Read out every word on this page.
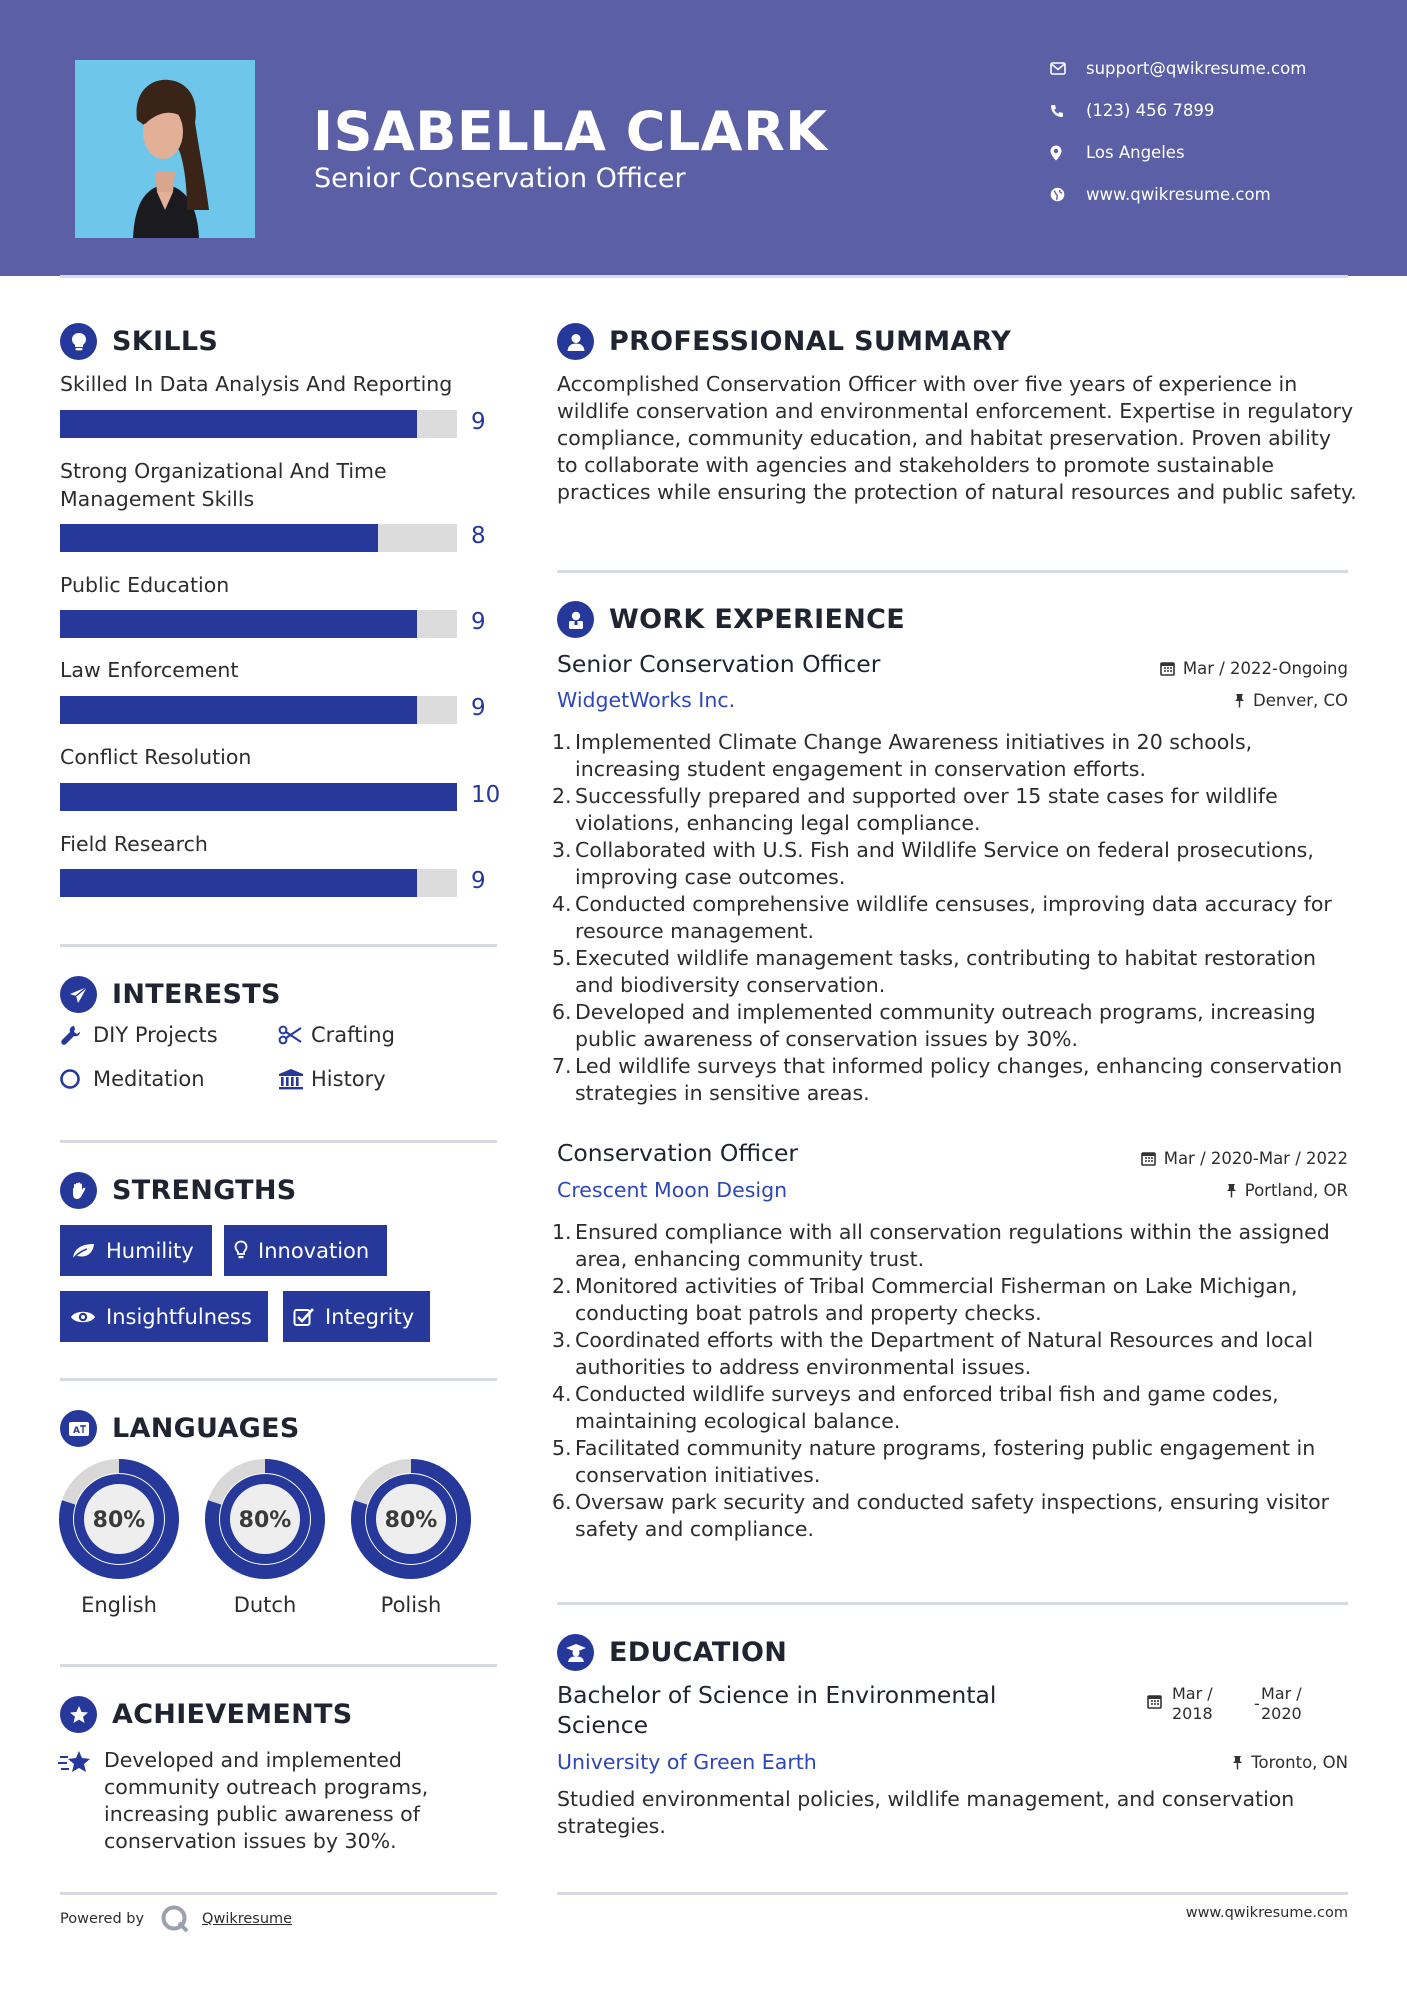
ISABELLA CLARK
Senior Conservation Officer
support@qwikresume.com
(123) 456 7899
Los Angeles
www.qwikresume.com
SKILLS
Skilled In Data Analysis And Reporting
9
Strong Organizational And Time Management Skills
8
Public Education
9
Law Enforcement
9
Conflict Resolution
10
Field Research
9
INTERESTS
DIY Projects	Crafting
Meditation	History
STRENGTHS
Humility	Innovation
Insightfulness	Integrity
A LANGUAGES
80%
English
80%
Dutch
80%
Polish
ACHIEVEMENTS
Developed and implemented community outreach programs, increasing public awareness of conservation issues by 30%.
Powered by	Qwikresume
PROFESSIONAL SUMMARY
Accomplished Conservation Officer with over five years of experience in wildlife conservation and environmental enforcement. Expertise in regulatory compliance, community education, and habitat preservation. Proven ability to collaborate with agencies and stakeholders to promote sustainable practices while ensuring the protection of natural resources and public safety.
WORK EXPERIENCE
Senior Conservation Officer	Mar / 2022-Ongoing
WidgetWorks Inc.	Denver, CO
1. Implemented Climate Change Awareness initiatives in 20 schools, increasing student engagement in conservation efforts.
2. Successfully prepared and supported over 15 state cases for wildlife violations, enhancing legal compliance.
3. Collaborated with U.S. Fish and Wildlife Service on federal prosecutions, improving case outcomes.
4. Conducted comprehensive wildlife censuses, improving data accuracy for resource management.
5. Executed wildlife management tasks, contributing to habitat restoration and biodiversity conservation.
6. Developed and implemented community outreach programs, increasing public awareness of conservation issues by 30%.
7. Led wildlife surveys that informed policy changes, enhancing conservation strategies in sensitive areas.
Conservation Officer	Mar / 2020-Mar / 2022
Crescent Moon Design	Portland, OR
1. Ensured compliance with all conservation regulations within the assigned area, enhancing community trust.
2. Monitored activities of Tribal Commercial Fisherman on Lake Michigan, conducting boat patrols and property checks.
3. Coordinated efforts with the Department of Natural Resources and local authorities to address environmental issues.
4. Conducted wildlife surveys and enforced tribal fish and game codes, maintaining ecological balance.
5. Facilitated community nature programs, fostering public engagement in conservation initiatives.
6. Oversaw park security and conducted safety inspections, ensuring visitor safety and compliance.
EDUCATION
Bachelor of Science in Environmental Science
Mar /
2018
-
Mar /
2020
University of Green Earth	Toronto, ON
Studied environmental policies, wildlife management, and conservation strategies.
www.qwikresume.com
